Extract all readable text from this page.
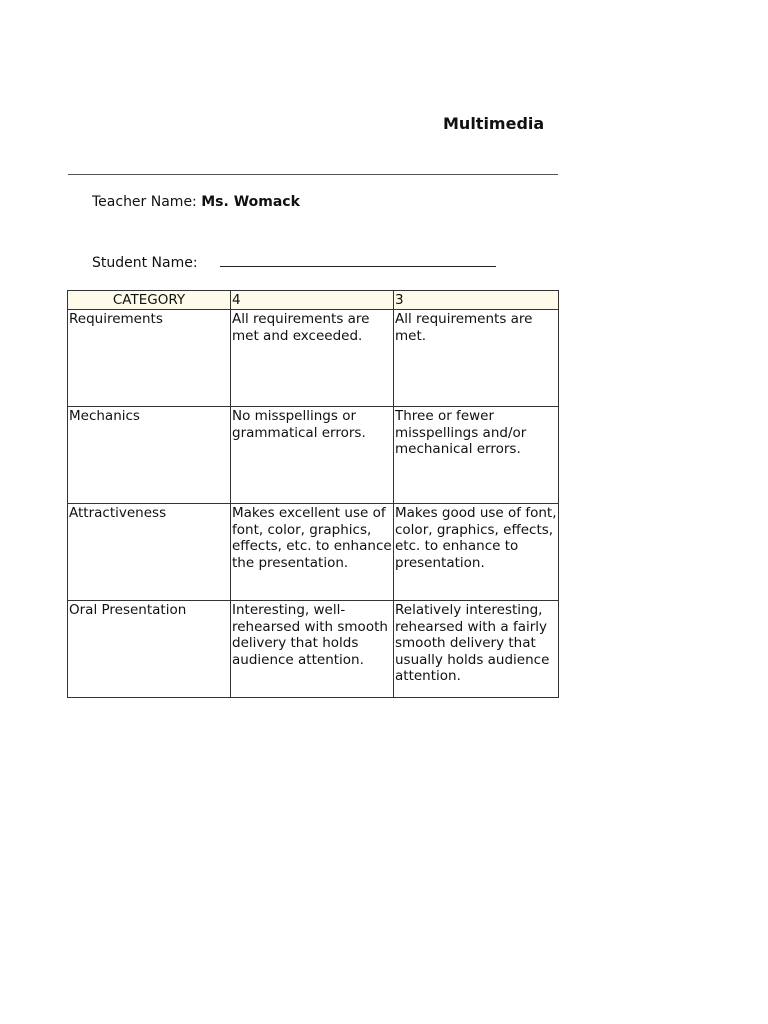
Multimedia
Teacher Name: Ms. Womack
Student Name:
CATEGORY	4	3
Requirements	All requirements are met and exceeded.	All requirements are met.
Mechanics	No misspellings or grammatical errors.	Three or fewer misspellings and/or mechanical errors.
Attractiveness	Makes excellent use of font, color, graphics, effects, etc. to enhance the presentation.	Makes good use of font, color, graphics, effects, etc. to enhance to presentation.
Oral Presentation	Interesting, well-rehearsed with smooth delivery that holds audience attention.	Relatively interesting, rehearsed with a fairly smooth delivery that usually holds audience attention.
